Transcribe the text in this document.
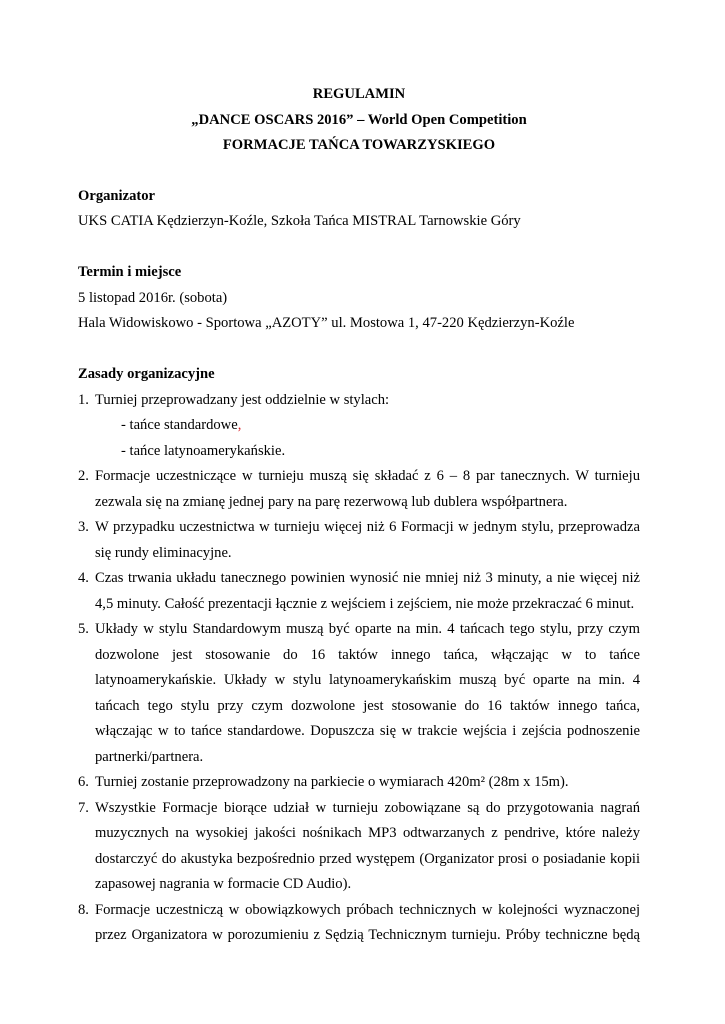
REGULAMIN
„DANCE OSCARS 2016” – World Open Competition
FORMACJE TAŃCA TOWARZYSKIEGO
Organizator
UKS CATIA Kędzierzyn-Koźle, Szkoła Tańca MISTRAL Tarnowskie Góry
Termin i miejsce
5 listopad 2016r. (sobota)
Hala Widowiskowo - Sportowa „AZOTY” ul. Mostowa 1, 47-220 Kędzierzyn-Koźle
Zasady organizacyjne
1. Turniej przeprowadzany jest oddzielnie w stylach:
- tańce standardowe,
- tańce latynoamerykańskie.
2. Formacje uczestniczące w turnieju muszą się składać z 6 – 8 par tanecznych. W turnieju zezwala się na zmianę jednej pary na parę rezerwową lub dublera współpartnera.
3. W przypadku uczestnictwa w turnieju więcej niż 6 Formacji w jednym stylu, przeprowadza się rundy eliminacyjne.
4. Czas trwania układu tanecznego powinien wynosić nie mniej niż 3 minuty, a nie więcej niż 4,5 minuty. Całość prezentacji łącznie z wejściem i zejściem, nie może przekraczać 6 minut.
5. Układy w stylu Standardowym muszą być oparte na min. 4 tańcach tego stylu, przy czym dozwolone jest stosowanie do 16 taktów innego tańca, włączając w to tańce latynoamerykańskie. Układy w stylu latynoamerykańskim muszą być oparte na min. 4 tańcach tego stylu przy czym dozwolone jest stosowanie do 16 taktów innego tańca, włączając w to tańce standardowe. Dopuszcza się w trakcie wejścia i zejścia podnoszenie partnerki/partnera.
6. Turniej zostanie przeprowadzony na parkiecie o wymiarach 420m² (28m x 15m).
7. Wszystkie Formacje biorące udział w turnieju zobowiązane są do przygotowania nagrań muzycznych na wysokiej jakości nośnikach MP3 odtwarzanych z pendrive, które należy dostarczyć do akustyka bezpośrednio przed występem (Organizator prosi o posiadanie kopii zapasowej nagrania w formacie CD Audio).
8. Formacje uczestniczą w obowiązkowych próbach technicznych w kolejności wyznaczonej przez Organizatora w porozumieniu z Sędzią Technicznym turnieju. Próby techniczne będą
